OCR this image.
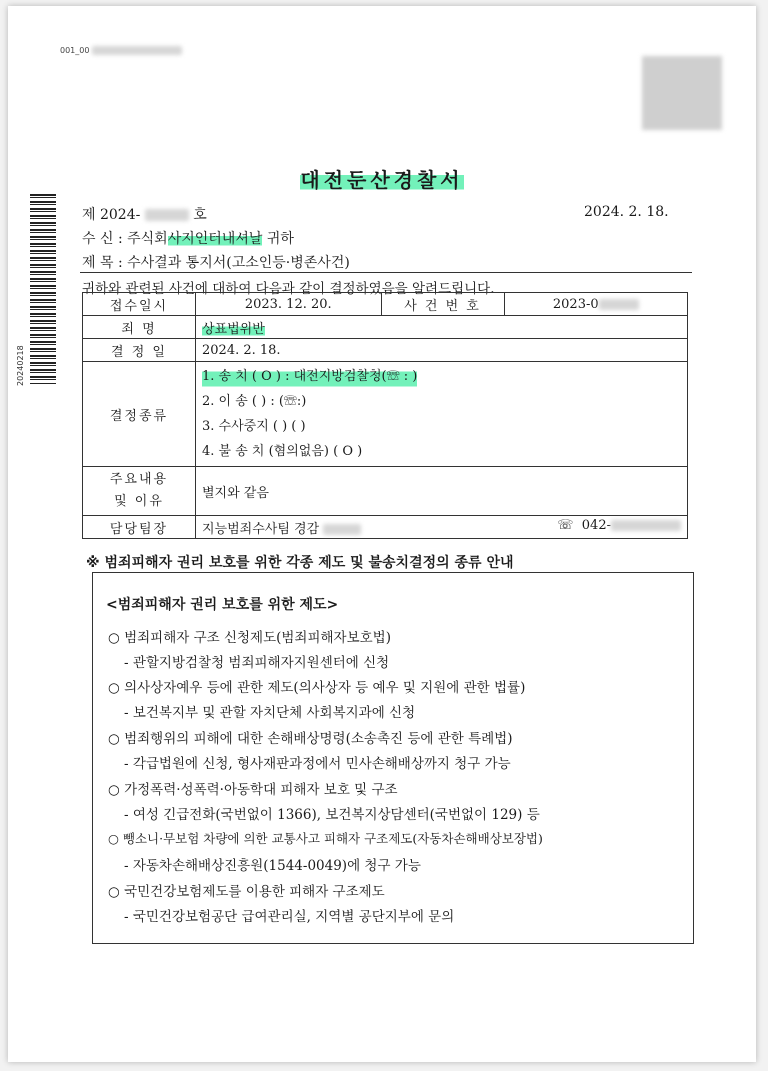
001_00
20240218
대전둔산경찰서
제 2024-	호	2024. 2. 18.
수 신 : 주식회사지인터내셔날 귀하
제 목 : 수사결과 통지서(고소인등·병존사건)
귀하와 관련된 사건에 대하여 다음과 같이 결정하였음을 알려드립니다.
접수일시	2023. 12. 20.	사 건 번 호	2023-0
죄 명	상표법위반		
결 정 일	2024. 2. 18.		
결정종류	1. 송 치 ( O ) : 대전지방검찰청(☏ : )

2. 이 송 ( ) : (☏:)
3. 수사중지 ( ) ( )
4. 불 송 치 (혐의없음) ( O )		

주요내용
및 이유	별지와 같음		
담당팀장	지능범죄수사팀 경감 ☏ 042-		
※ 범죄피해자 권리 보호를 위한 각종 제도 및 불송치결정의 종류 안내
<범죄피해자 권리 보호를 위한 제도>
○ 범죄피해자 구조 신청제도(범죄피해자보호법)
- 관할지방검찰청 범죄피해자지원센터에 신청
○ 의사상자예우 등에 관한 제도(의사상자 등 예우 및 지원에 관한 법률)
- 보건복지부 및 관할 자치단체 사회복지과에 신청
○ 범죄행위의 피해에 대한 손해배상명령(소송촉진 등에 관한 특례법)
- 각급법원에 신청, 형사재판과정에서 민사손해배상까지 청구 가능
○ 가정폭력·성폭력·아동학대 피해자 보호 및 구조
- 여성 긴급전화(국번없이 1366), 보건복지상담센터(국번없이 129) 등
○ 뺑소니·무보험 차량에 의한 교통사고 피해자 구조제도(자동차손해배상보장법)
- 자동차손해배상진흥원(1544-0049)에 청구 가능
○ 국민건강보험제도를 이용한 피해자 구조제도
- 국민건강보험공단 급여관리실, 지역별 공단지부에 문의
